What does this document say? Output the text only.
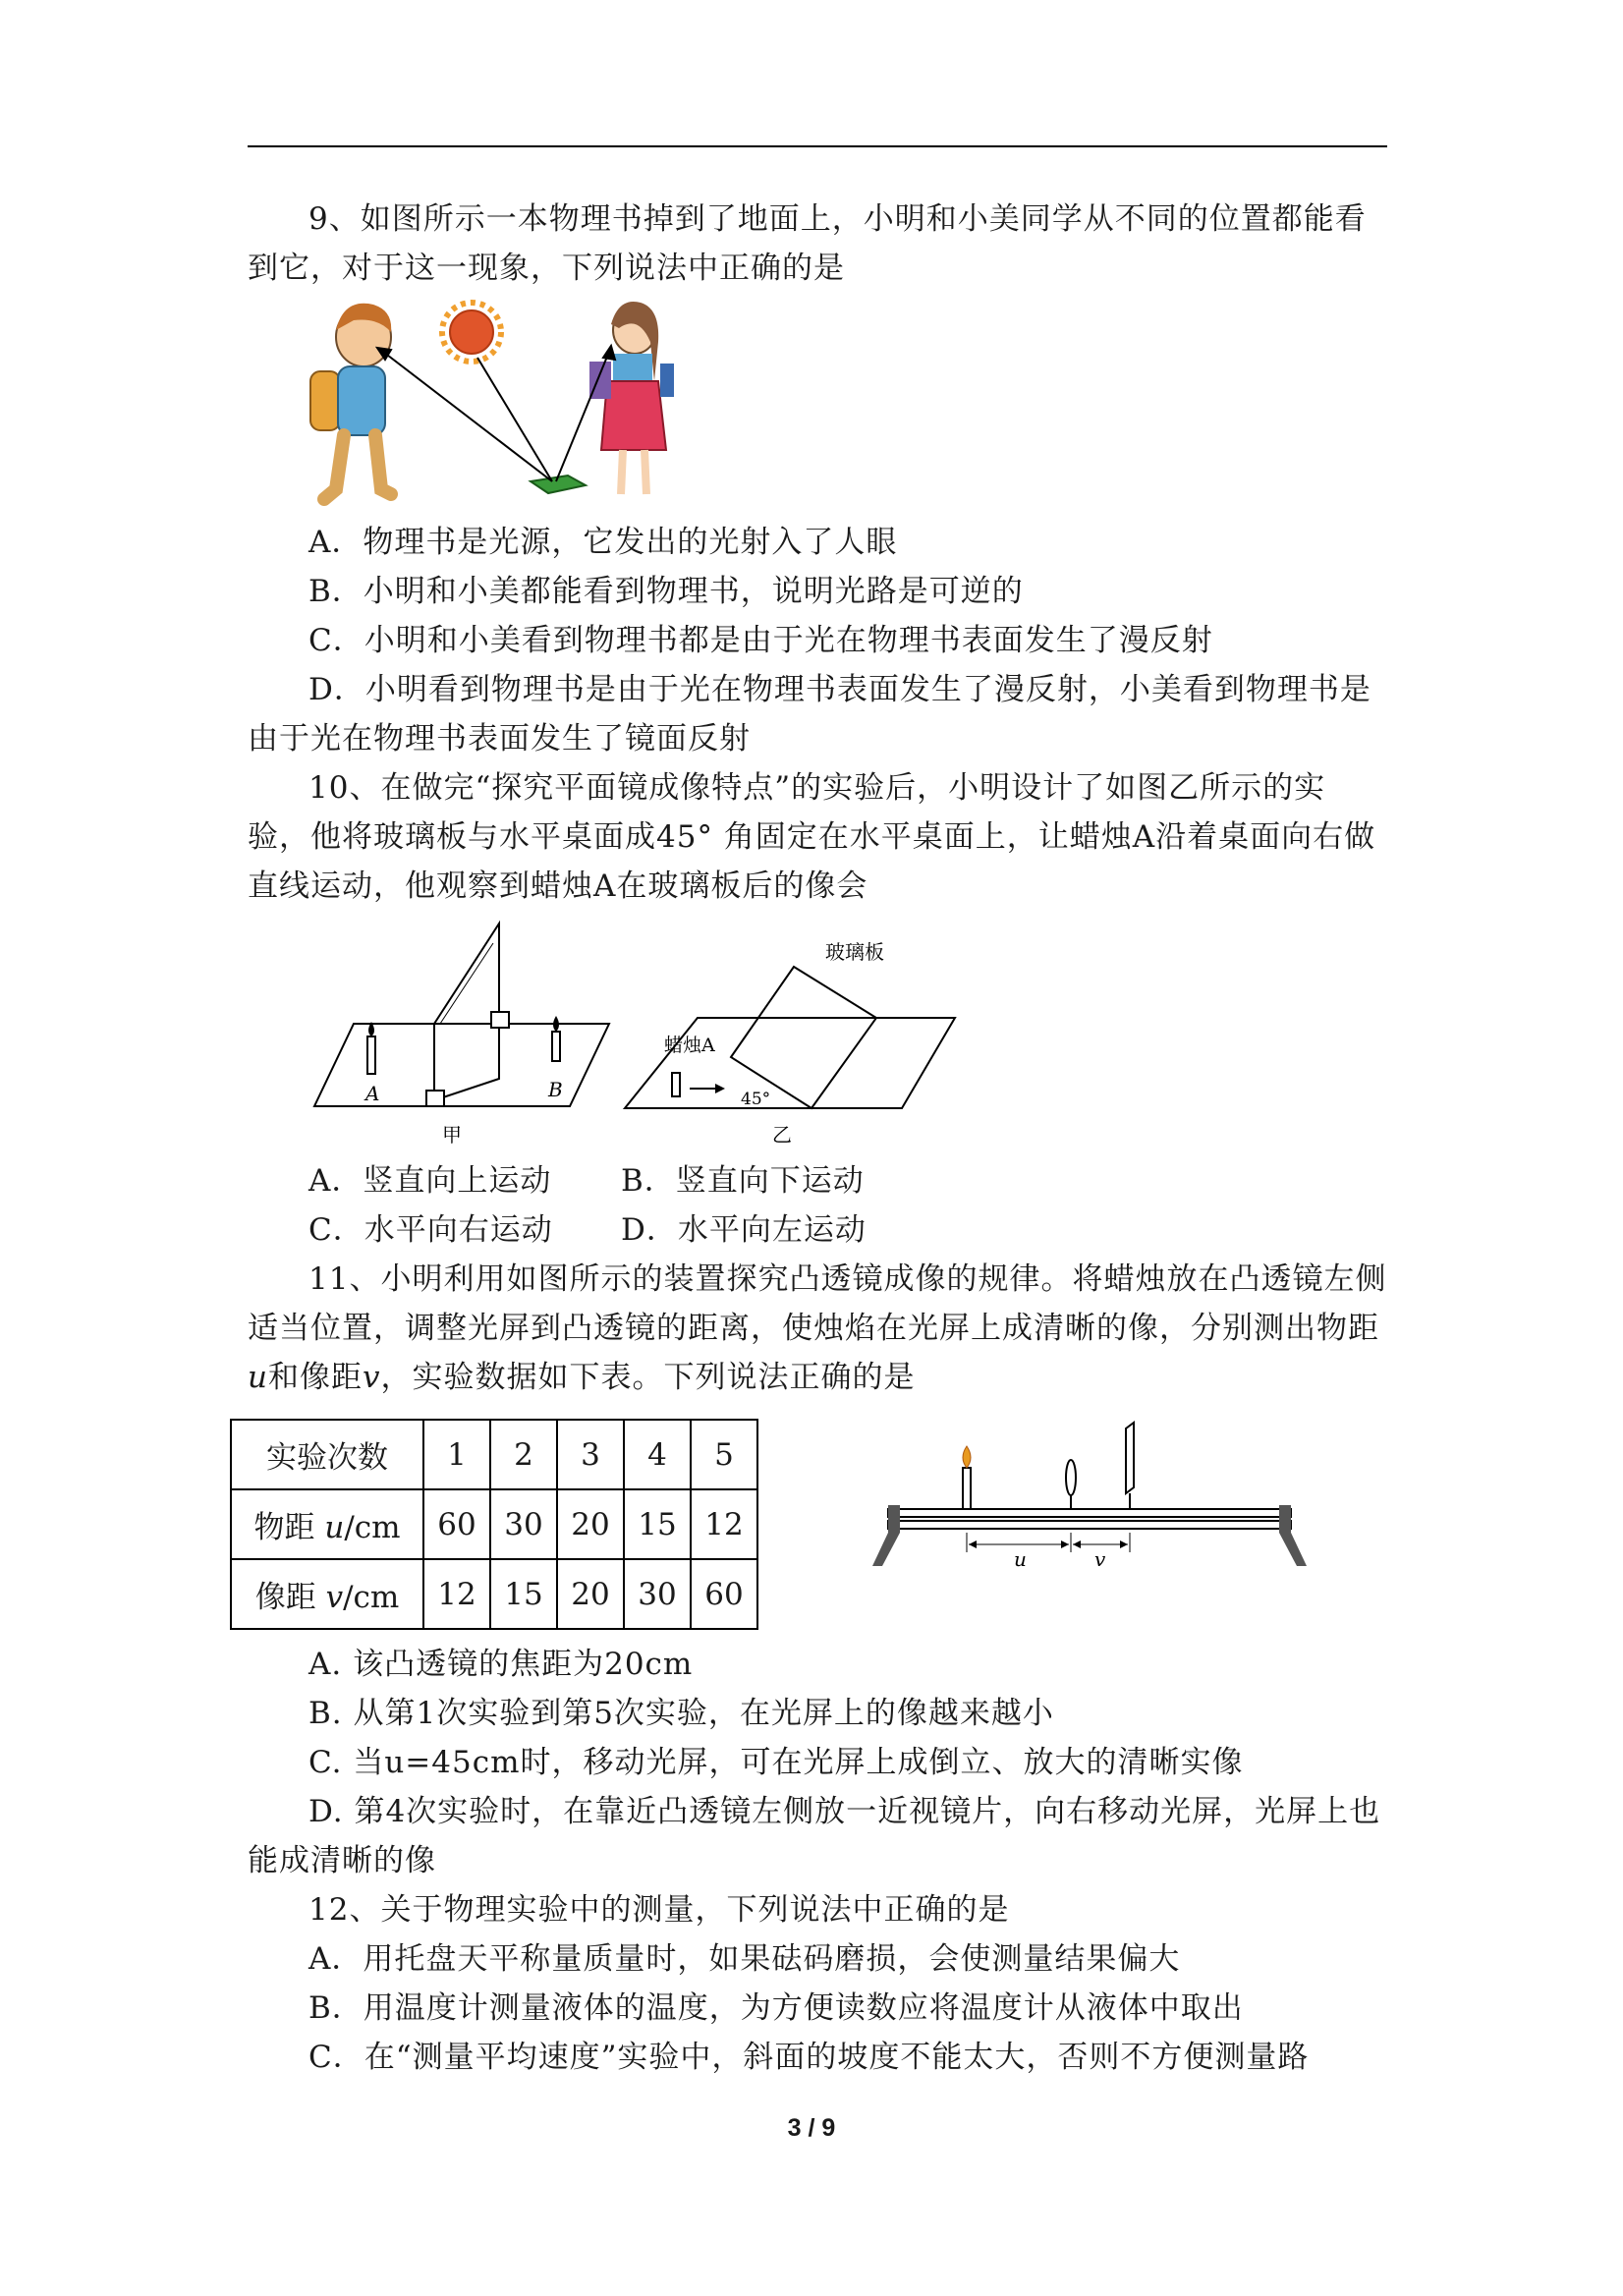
9、如图所示一本物理书掉到了地面上，小明和小美同学从不同的位置都能看到它，对于这一现象，下列说法中正确的是

A．物理书是光源，它发出的光射入了人眼

B．小明和小美都能看到物理书，说明光路是可逆的

C．小明和小美看到物理书都是由于光在物理书表面发生了漫反射

D．小明看到物理书是由于光在物理书表面发生了漫反射，小美看到物理书是由于光在物理书表面发生了镜面反射

10、在做完“探究平面镜成像特点”的实验后，小明设计了如图乙所示的实验，他将玻璃板与水平桌面成45° 角固定在水平桌面上，让蜡烛A沿着桌面向右做直线运动，他观察到蜡烛A在玻璃板后的像会

A	B
甲
玻璃板
蜡烛A
45°
乙

A．竖直向上运动 B．竖直向下运动

C．水平向右运动 D．水平向左运动

11、小明利用如图所示的装置探究凸透镜成像的规律。将蜡烛放在凸透镜左侧适当位置，调整光屏到凸透镜的距离，使烛焰在光屏上成清晰的像，分别测出物距u和像距v，实验数据如下表。下列说法正确的是

实验次数	1	2	3	4	5
物距 u/cm	60	30	20	15	12
像距 v/cm	12	15	20	30	60
u	v

A. 该凸透镜的焦距为20cm

B. 从第1次实验到第5次实验，在光屏上的像越来越小

C. 当u=45cm时，移动光屏，可在光屏上成倒立、放大的清晰实像

D. 第4次实验时，在靠近凸透镜左侧放一近视镜片，向右移动光屏，光屏上也能成清晰的像

12、关于物理实验中的测量，下列说法中正确的是

A．用托盘天平称量质量时，如果砝码磨损，会使测量结果偏大

B．用温度计测量液体的温度，为方便读数应将温度计从液体中取出

C．在“测量平均速度”实验中，斜面的坡度不能太大，否则不方便测量路

3 / 9
